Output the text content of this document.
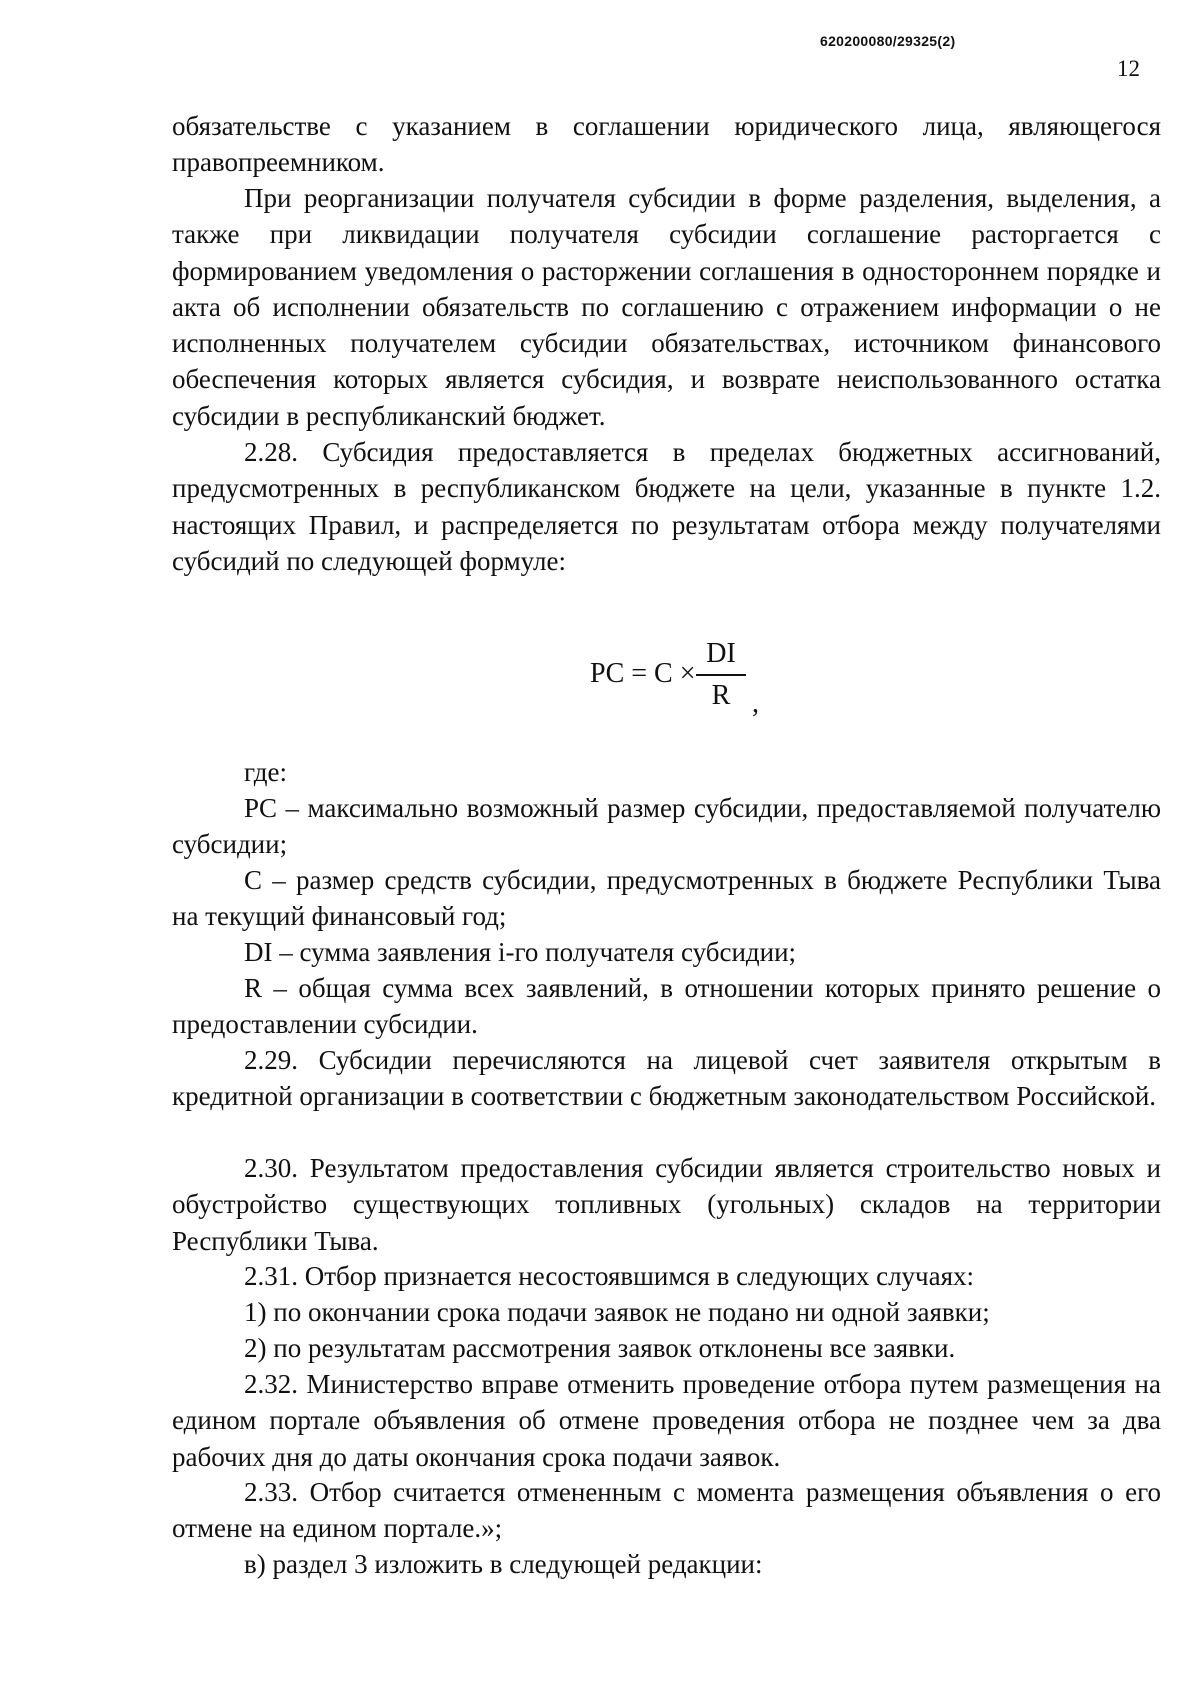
620200080/29325(2)
12

обязательстве с указанием в соглашении юридического лица, являющегося правопреемником.

При реорганизации получателя субсидии в форме разделения, выделения, а также при ликвидации получателя субсидии соглашение расторгается с формированием уведомления о расторжении соглашения в одностороннем порядке и акта об исполнении обязательств по соглашению с отражением информации о не исполненных получателем субсидии обязательствах, источником финансового обеспечения которых является субсидия, и возврате неиспользованного остатка субсидии в республиканский бюджет.

2.28. Субсидия предоставляется в пределах бюджетных ассигнований, предусмотренных в республиканском бюджете на цели, указанные в пункте 1.2. настоящих Правил, и распределяется по результатам отбора между получателями субсидий по следующей формуле:

PC = C ×
DI
R ,

где:

PC – максимально возможный размер субсидии, предоставляемой получателю субсидии;

C – размер средств субсидии, предусмотренных в бюджете Республики Тыва на текущий финансовый год;

DI – сумма заявления i-го получателя субсидии;

R – общая сумма всех заявлений, в отношении которых принято решение о предоставлении субсидии.

2.29. Субсидии перечисляются на лицевой счет заявителя открытым в кредитной организации в соответствии с бюджетным законодательством Российской.

2.30. Результатом предоставления субсидии является строительство новых и обустройство существующих топливных (угольных) складов на территории Республики Тыва.

2.31. Отбор признается несостоявшимся в следующих случаях:

1) по окончании срока подачи заявок не подано ни одной заявки;

2) по результатам рассмотрения заявок отклонены все заявки.

2.32. Министерство вправе отменить проведение отбора путем размещения на едином портале объявления об отмене проведения отбора не позднее чем за два рабочих дня до даты окончания срока подачи заявок.

2.33. Отбор считается отмененным с момента размещения объявления о его отмене на едином портале.»;

в) раздел 3 изложить в следующей редакции:
